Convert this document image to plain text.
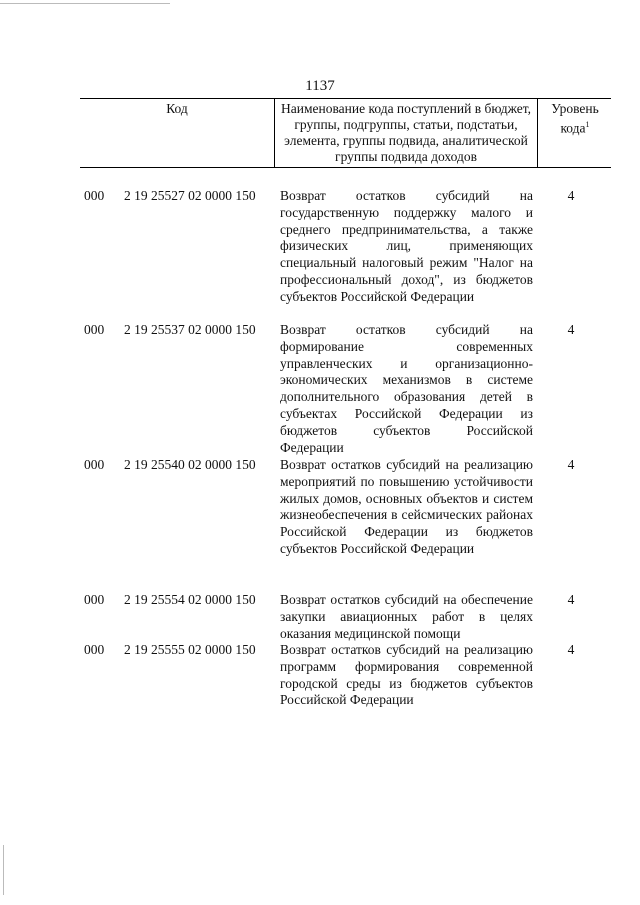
1137
Код	Наименование кода поступлений в бюджет, группы, подгруппы, статьи, подстатьи, элемента, группы подвида, аналитической группы подвида доходов
Уровень кода$^1$
000 2 19 25527 02 0000 150 Возврат остатков субсидий на государственную поддержку малого и среднего предпринимательства, а также физических лиц, применяющих специальный налоговый режим "Налог на профессиональный доход", из бюджетов субъектов Российской Федерации
4
000 2 19 25537 02 0000 150 Возврат остатков субсидий на формирование современных управленческих и организационно-экономических механизмов в системе дополнительного образования детей в субъектах Российской Федерации из бюджетов субъектов Российской Федерации
4
000 2 19 25540 02 0000 150 Возврат остатков субсидий на реализацию мероприятий по повышению устойчивости жилых домов, основных объектов и систем жизнеобеспечения в сейсмических районах Российской Федерации из бюджетов субъектов Российской Федерации
4
000 2 19 25554 02 0000 150 Возврат остатков субсидий на обеспечение закупки авиационных работ в целях оказания медицинской помощи
4
000 2 19 25555 02 0000 150 Возврат остатков субсидий на реализацию программ формирования современной городской среды из бюджетов субъектов Российской Федерации
4
